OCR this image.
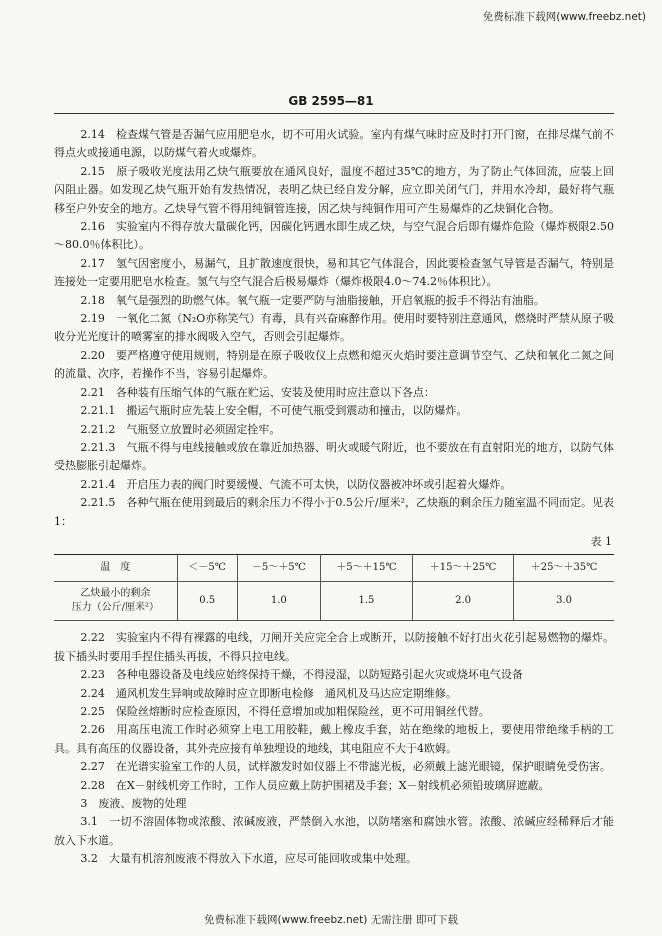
免费标准下载网(www.freebz.net)
GB 2595—81

2.14　检查煤气管是否漏气应用肥皂水，切不可用火试验。室内有煤气味时应及时打开门窗，在排尽煤气前不得点火或接通电源，以防煤气着火或爆炸。

2.15　原子吸收光度法用乙炔气瓶要放在通风良好，温度不超过35℃的地方，为了防止气体回流，应装上回闪阻止器。如发现乙炔气瓶开始有发热情况，表明乙炔已经自发分解，应立即关闭气门，并用水冷却，最好将气瓶移至户外安全的地方。乙炔导气管不得用纯铜管连接，因乙炔与纯铜作用可产生易爆炸的乙炔铜化合物。

2.16　实验室内不得存放大量碳化钙，因碳化钙遇水即生成乙炔，与空气混合后即有爆炸危险（爆炸极限2.50～80.0％体积比）。

2.17　氢气因密度小，易漏气，且扩散速度很快，易和其它气体混合，因此要检查氢气导管是否漏气，特别是连接处一定要用肥皂水检查。氢气与空气混合后极易爆炸（爆炸极限4.0～74.2％体积比）。

2.18　氧气是强烈的助燃气体。氧气瓶一定要严防与油脂接触，开启氧瓶的扳手不得沾有油脂。

2.19　一氧化二氮（N₂O亦称笑气）有毒，具有兴奋麻醉作用。使用时要特别注意通风，燃烧时严禁从原子吸收分光光度计的喷雾室的排水阀吸入空气，否则会引起爆炸。

2.20　要严格遵守使用规则，特别是在原子吸收仪上点燃和熄灭火焰时要注意调节空气、乙炔和氧化二氮之间的流量、次序，若操作不当，容易引起爆炸。

2.21　各种装有压缩气体的气瓶在贮运、安装及使用时应注意以下各点：

2.21.1　搬运气瓶时应先装上安全帽，不可使气瓶受到震动和撞击，以防爆炸。

2.21.2　气瓶竖立放置时必须固定拴牢。

2.21.3　气瓶不得与电线接触或放在靠近加热器、明火或暖气附近，也不要放在有直射阳光的地方，以防气体受热膨胀引起爆炸。

2.21.4　开启压力表的阀门时要缓慢、气流不可太快，以防仪器被冲坏或引起着火爆炸。

2.21.5　各种气瓶在使用到最后的剩余压力不得小于0.5公斤/厘米²，乙炔瓶的剩余压力随室温不同而定。见表1：

表 1
温　度	＜－5℃	－5～＋5℃	＋5～＋15℃	＋15～＋25℃	＋25～＋35℃
乙炔最小的剩余
压力（公斤/厘米²）	0.5	1.0	1.5	2.0	3.0

2.22　实验室内不得有裸露的电线，刀闸开关应完全合上或断开，以防接触不好打出火花引起易燃物的爆炸。拔下插头时要用手捏住插头再拔，不得只拉电线。

2.23　各种电器设备及电线应始终保持干燥，不得浸湿，以防短路引起火灾或烧坏电气设备

2.24　通风机发生异响或故障时应立即断电检修　通风机及马达应定期维修。

2.25　保险丝熔断时应检查原因，不得任意增加或加粗保险丝，更不可用铜丝代替。

2.26　用高压电流工作时必须穿上电工用胶鞋，戴上橡皮手套，站在绝缘的地板上，要使用带绝缘手柄的工具。具有高压的仪器设备，其外壳应接有单独埋设的地线，其电阻应不大于4欧姆。

2.27　在光谱实验室工作的人员，试样激发时如仪器上不带滤光板，必须戴上滤光眼镜，保护眼睛免受伤害。

2.28　在X－射线机旁工作时，工作人员应戴上防护围裙及手套；X－射线机必须铅玻璃屏遮蔽。

3　废液、废物的处理

3.1　一切不溶固体物或浓酸、浓碱废液，严禁倒入水池，以防堵塞和腐蚀水管。浓酸、浓碱应经稀释后才能放入下水道。

3.2　大量有机溶剂废液不得放入下水道，应尽可能回收或集中处理。

免费标准下载网(www.freebz.net) 无需注册 即可下载
